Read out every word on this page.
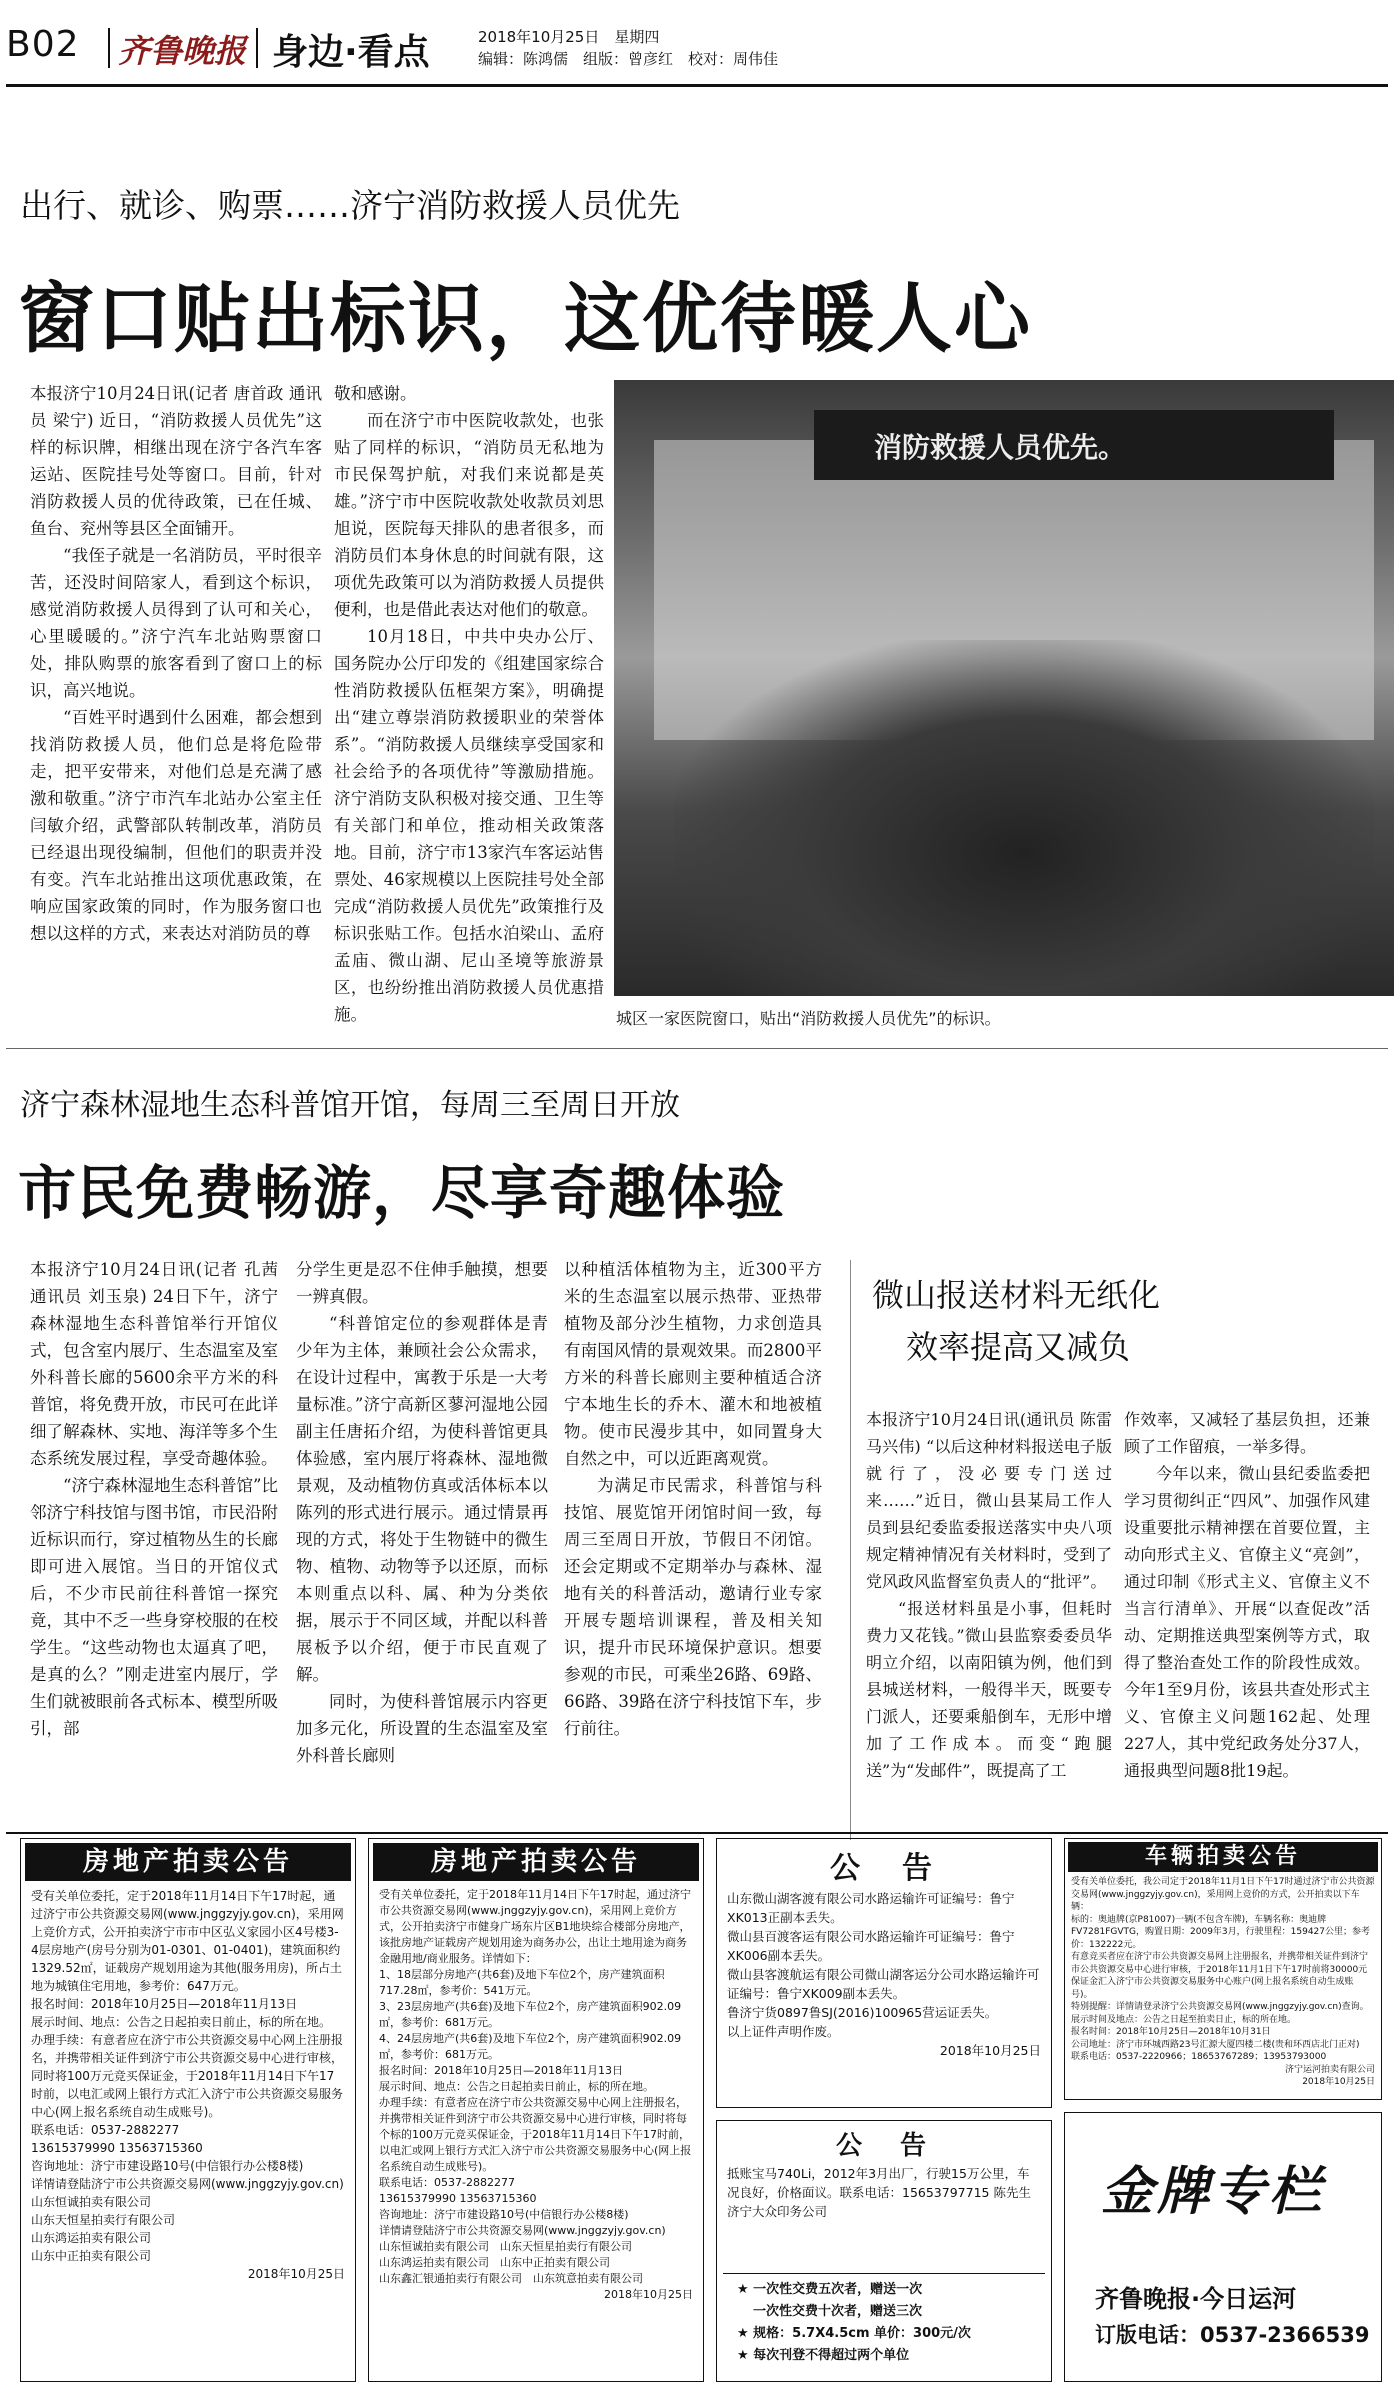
B02 齐鲁晚报 身边·看点	2018年10月25日　星期四
编辑：陈鸿儒　组版：曾彦红　校对：周伟佳
出行、就诊、购票……济宁消防救援人员优先
窗口贴出标识，这优待暖人心

本报济宁10月24日讯(记者 唐首政 通讯员 梁宁) 近日，“消防救援人员优先”这样的标识牌，相继出现在济宁各汽车客运站、医院挂号处等窗口。目前，针对消防救援人员的优待政策，已在任城、鱼台、兖州等县区全面铺开。

“我侄子就是一名消防员，平时很辛苦，还没时间陪家人，看到这个标识，感觉消防救援人员得到了认可和关心，心里暖暖的。”济宁汽车北站购票窗口处，排队购票的旅客看到了窗口上的标识，高兴地说。

“百姓平时遇到什么困难，都会想到找消防救援人员，他们总是将危险带走，把平安带来，对他们总是充满了感激和敬重。”济宁市汽车北站办公室主任闫敏介绍，武警部队转制改革，消防员已经退出现役编制，但他们的职责并没有变。汽车北站推出这项优惠政策，在响应国家政策的同时，作为服务窗口也想以这样的方式，来表达对消防员的尊

敬和感谢。

而在济宁市中医院收款处，也张贴了同样的标识，“消防员无私地为市民保驾护航，对我们来说都是英雄。”济宁市中医院收款处收款员刘思旭说，医院每天排队的患者很多，而消防员们本身休息的时间就有限，这项优先政策可以为消防救援人员提供便利，也是借此表达对他们的敬意。

10月18日，中共中央办公厅、国务院办公厅印发的《组建国家综合性消防救援队伍框架方案》，明确提出“建立尊崇消防救援职业的荣誉体系”。“消防救援人员继续享受国家和社会给予的各项优待”等激励措施。济宁消防支队积极对接交通、卫生等有关部门和单位，推动相关政策落地。目前，济宁市13家汽车客运站售票处、46家规模以上医院挂号处全部完成“消防救援人员优先”政策推行及标识张贴工作。包括水泊梁山、孟府孟庙、微山湖、尼山圣境等旅游景区，也纷纷推出消防救援人员优惠措施。

消防救援人员优先。
城区一家医院窗口，贴出“消防救援人员优先”的标识。
济宁森林湿地生态科普馆开馆，每周三至周日开放
市民免费畅游，尽享奇趣体验

本报济宁10月24日讯(记者 孔茜 通讯员 刘玉泉) 24日下午，济宁森林湿地生态科普馆举行开馆仪式，包含室内展厅、生态温室及室外科普长廊的5600余平方米的科普馆，将免费开放，市民可在此详细了解森林、实地、海洋等多个生态系统发展过程，享受奇趣体验。

“济宁森林湿地生态科普馆”比邻济宁科技馆与图书馆，市民沿附近标识而行，穿过植物丛生的长廊即可进入展馆。当日的开馆仪式后，不少市民前往科普馆一探究竟，其中不乏一些身穿校服的在校学生。“这些动物也太逼真了吧，是真的么？”刚走进室内展厅，学生们就被眼前各式标本、模型所吸引，部

分学生更是忍不住伸手触摸，想要一辨真假。

“科普馆定位的参观群体是青少年为主体，兼顾社会公众需求，在设计过程中，寓教于乐是一大考量标准。”济宁高新区蓼河湿地公园副主任唐拓介绍，为使科普馆更具体验感，室内展厅将森林、湿地微景观，及动植物仿真或活体标本以陈列的形式进行展示。通过情景再现的方式，将处于生物链中的微生物、植物、动物等予以还原，而标本则重点以科、属、种为分类依据，展示于不同区域，并配以科普展板予以介绍，便于市民直观了解。

同时，为使科普馆展示内容更加多元化，所设置的生态温室及室外科普长廊则

以种植活体植物为主，近300平方米的生态温室以展示热带、亚热带植物及部分沙生植物，力求创造具有南国风情的景观效果。而2800平方米的科普长廊则主要种植适合济宁本地生长的乔木、灌木和地被植物。使市民漫步其中，如同置身大自然之中，可以近距离观赏。

为满足市民需求，科普馆与科技馆、展览馆开闭馆时间一致，每周三至周日开放，节假日不闭馆。还会定期或不定期举办与森林、湿地有关的科普活动，邀请行业专家开展专题培训课程，普及相关知识，提升市民环境保护意识。想要参观的市民，可乘坐26路、69路、66路、39路在济宁科技馆下车，步行前往。

微山报送材料无纸化
效率提高又减负

本报济宁10月24日讯(通讯员 陈雷 马兴伟) “以后这种材料报送电子版就行了，没必要专门送过来……”近日，微山县某局工作人员到县纪委监委报送落实中央八项规定精神情况有关材料时，受到了党风政风监督室负责人的“批评”。

“报送材料虽是小事，但耗时费力又花钱。”微山县监察委委员华明立介绍，以南阳镇为例，他们到县城送材料，一般得半天，既要专门派人，还要乘船倒车，无形中增加了工作成本。而变“跑腿送”为“发邮件”，既提高了工

作效率，又减轻了基层负担，还兼顾了工作留痕，一举多得。

今年以来，微山县纪委监委把学习贯彻纠正“四风”、加强作风建设重要批示精神摆在首要位置，主动向形式主义、官僚主义“亮剑”，通过印制《形式主义、官僚主义不当言行清单》、开展“以查促改”活动、定期推送典型案例等方式，取得了整治查处工作的阶段性成效。今年1至9月份，该县共查处形式主义、官僚主义问题162起、处理227人，其中党纪政务处分37人，通报典型问题8批19起。

房地产拍卖公告

受有关单位委托，定于2018年11月14日下午17时起，通过济宁市公共资源交易网(www.jnggzyjy.gov.cn)，采用网上竞价方式，公开拍卖济宁市市中区弘义家园小区4号楼3-4层房地产(房号分别为01-0301、01-0401)，建筑面积约1329.52㎡，证载房产规划用途为其他(服务用房)，所占土地为城镇住宅用地，参考价：647万元。

报名时间：2018年10月25日—2018年11月13日

展示时间、地点：公告之日起拍卖日前止，标的所在地。

办理手续：有意者应在济宁市公共资源交易中心网上注册报名，并携带相关证件到济宁市公共资源交易中心进行审核，同时将100万元竞买保证金，于2018年11月14日下午17时前，以电汇或网上银行方式汇入济宁市公共资源交易服务中心(网上报名系统自动生成账号)。

联系电话：0537-2882277

13615379990 13563715360

咨询地址：济宁市建设路10号(中信银行办公楼8楼)

详情请登陆济宁市公共资源交易网(www.jnggzyjy.gov.cn)

山东恒诚拍卖有限公司

山东天恒星拍卖行有限公司

山东鸿运拍卖有限公司

山东中正拍卖有限公司

2018年10月25日

房地产拍卖公告

受有关单位委托，定于2018年11月14日下午17时起，通过济宁市公共资源交易网(www.jnggzyjy.gov.cn)，采用网上竞价方式，公开拍卖济宁市健身广场东片区B1地块综合楼部分房地产，该批房地产证载房产规划用途为商务办公，出让土地用途为商务金融用地/商业服务。详情如下：

1、18层部分房地产(共6套)及地下车位2个，房产建筑面积717.28㎡，参考价：541万元。

3、23层房地产(共6套)及地下车位2个，房产建筑面积902.09㎡，参考价：681万元。

4、24层房地产(共6套)及地下车位2个，房产建筑面积902.09㎡，参考价：681万元。

报名时间：2018年10月25日—2018年11月13日

展示时间、地点：公告之日起拍卖日前止，标的所在地。

办理手续：有意者应在济宁市公共资源交易中心网上注册报名，并携带相关证件到济宁市公共资源交易中心进行审核，同时将每个标的100万元竞买保证金，于2018年11月14日下午17时前，以电汇或网上银行方式汇入济宁市公共资源交易服务中心(网上报名系统自动生成账号)。

联系电话：0537-2882277

13615379990 13563715360

咨询地址：济宁市建设路10号(中信银行办公楼8楼)

详情请登陆济宁市公共资源交易网(www.jnggzyjy.gov.cn)

山东恒诚拍卖有限公司　山东天恒星拍卖行有限公司

山东鸿运拍卖有限公司　山东中正拍卖有限公司

山东鑫汇银通拍卖行有限公司　山东筑意拍卖有限公司

2018年10月25日

公　告

山东微山湖客渡有限公司水路运输许可证编号：鲁宁XK013正副本丢失。

微山县百渡客运有限公司水路运输许可证编号：鲁宁XK006副本丢失。

微山县客渡航运有限公司微山湖客运分公司水路运输许可证编号：鲁宁XK009副本丢失。

鲁济宁货0897鲁SJ(2016)100965营运证丢失。

以上证件声明作废。

2018年10月25日

公　告

抵账宝马740Li，2012年3月出厂，行驶15万公里，车况良好，价格面议。联系电话：15653797715 陈先生 济宁大众印务公司

★ 一次性交费五次者，赠送一次

一次性交费十次者，赠送三次

★ 规格：5.7X4.5cm 单价：300元/次

★ 每次刊登不得超过两个单位

车辆拍卖公告

受有关单位委托，我公司定于2018年11月1日下午17时通过济宁市公共资源交易网(www.jnggzyjy.gov.cn)，采用网上竞价的方式，公开拍卖以下车辆：

标的：奥迪牌(京P81007)一辆(不包含车牌)，车辆名称：奥迪牌FV7281FGVTG，购置日期：2009年3月，行驶里程：159427公里；参考价：132222元。

有意竞买者应在济宁市公共资源交易网上注册报名，并携带相关证件到济宁市公共资源交易中心进行审核，于2018年11月1日下午17时前将30000元保证金汇入济宁市公共资源交易服务中心账户(网上报名系统自动生成账号)。

特别提醒：详情请登录济宁公共资源交易网(www.jnggzyjy.gov.cn)查询。

展示时间及地点：公告之日起至拍卖日止，标的所在地。

报名时间：2018年10月25日—2018年10月31日

公司地址：济宁市环城西路23号汇源大厦四楼二楼(贵和环西店北门正对)

联系电话：0537-2220966；18653767289；13953793000

济宁运河拍卖有限公司

2018年10月25日

金牌专栏
齐鲁晚报·今日运河
订版电话：0537-2366539
